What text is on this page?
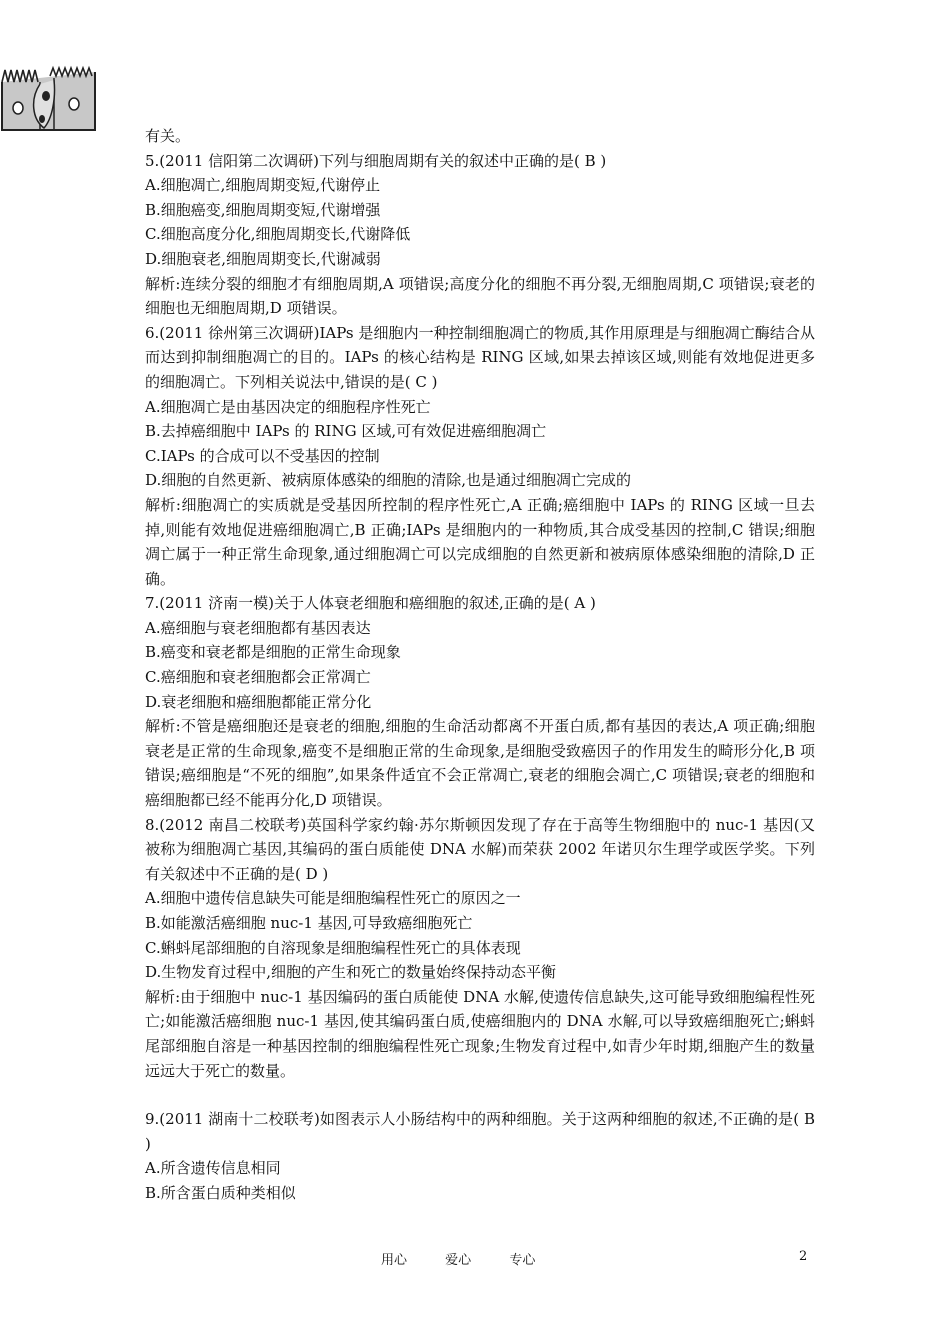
有关。

5.(2011 信阳第二次调研)下列与细胞周期有关的叙述中正确的是( B )

A.细胞凋亡,细胞周期变短,代谢停止

B.细胞癌变,细胞周期变短,代谢增强

C.细胞高度分化,细胞周期变长,代谢降低

D.细胞衰老,细胞周期变长,代谢减弱

解析:连续分裂的细胞才有细胞周期,A 项错误;高度分化的细胞不再分裂,无细胞周期,C 项错误;衰老的细胞也无细胞周期,D 项错误。

6.(2011 徐州第三次调研)IAPs 是细胞内一种控制细胞凋亡的物质,其作用原理是与细胞凋亡酶结合从而达到抑制细胞凋亡的目的。IAPs 的核心结构是 RING 区域,如果去掉该区域,则能有效地促进更多的细胞凋亡。下列相关说法中,错误的是( C )

A.细胞凋亡是由基因决定的细胞程序性死亡

B.去掉癌细胞中 IAPs 的 RING 区域,可有效促进癌细胞凋亡

C.IAPs 的合成可以不受基因的控制

D.细胞的自然更新、被病原体感染的细胞的清除,也是通过细胞凋亡完成的

解析:细胞凋亡的实质就是受基因所控制的程序性死亡,A 正确;癌细胞中 IAPs 的 RING 区域一旦去掉,则能有效地促进癌细胞凋亡,B 正确;IAPs 是细胞内的一种物质,其合成受基因的控制,C 错误;细胞凋亡属于一种正常生命现象,通过细胞凋亡可以完成细胞的自然更新和被病原体感染细胞的清除,D 正确。

7.(2011 济南一模)关于人体衰老细胞和癌细胞的叙述,正确的是( A )

A.癌细胞与衰老细胞都有基因表达

B.癌变和衰老都是细胞的正常生命现象

C.癌细胞和衰老细胞都会正常凋亡

D.衰老细胞和癌细胞都能正常分化

解析:不管是癌细胞还是衰老的细胞,细胞的生命活动都离不开蛋白质,都有基因的表达,A 项正确;细胞衰老是正常的生命现象,癌变不是细胞正常的生命现象,是细胞受致癌因子的作用发生的畸形分化,B 项错误;癌细胞是“不死的细胞”,如果条件适宜不会正常凋亡,衰老的细胞会凋亡,C 项错误;衰老的细胞和癌细胞都已经不能再分化,D 项错误。

8.(2012 南昌二校联考)英国科学家约翰·苏尔斯顿因发现了存在于高等生物细胞中的 nuc-1 基因(又被称为细胞凋亡基因,其编码的蛋白质能使 DNA 水解)而荣获 2002 年诺贝尔生理学或医学奖。下列有关叙述中不正确的是( D )

A.细胞中遗传信息缺失可能是细胞编程性死亡的原因之一

B.如能激活癌细胞 nuc-1 基因,可导致癌细胞死亡

C.蝌蚪尾部细胞的自溶现象是细胞编程性死亡的具体表现

D.生物发育过程中,细胞的产生和死亡的数量始终保持动态平衡

解析:由于细胞中 nuc-1 基因编码的蛋白质能使 DNA 水解,使遗传信息缺失,这可能导致细胞编程性死亡;如能激活癌细胞 nuc-1 基因,使其编码蛋白质,使癌细胞内的 DNA 水解,可以导致癌细胞死亡;蝌蚪尾部细胞自溶是一种基因控制的细胞编程性死亡现象;生物发育过程中,如青少年时期,细胞产生的数量远远大于死亡的数量。

9.(2011 湖南十二校联考)如图表示人小肠结构中的两种细胞。关于这两种细胞的叙述,不正确的是( B )

A.所含遗传信息相同

B.所含蛋白质种类相似

用心	爱心	专心	2
